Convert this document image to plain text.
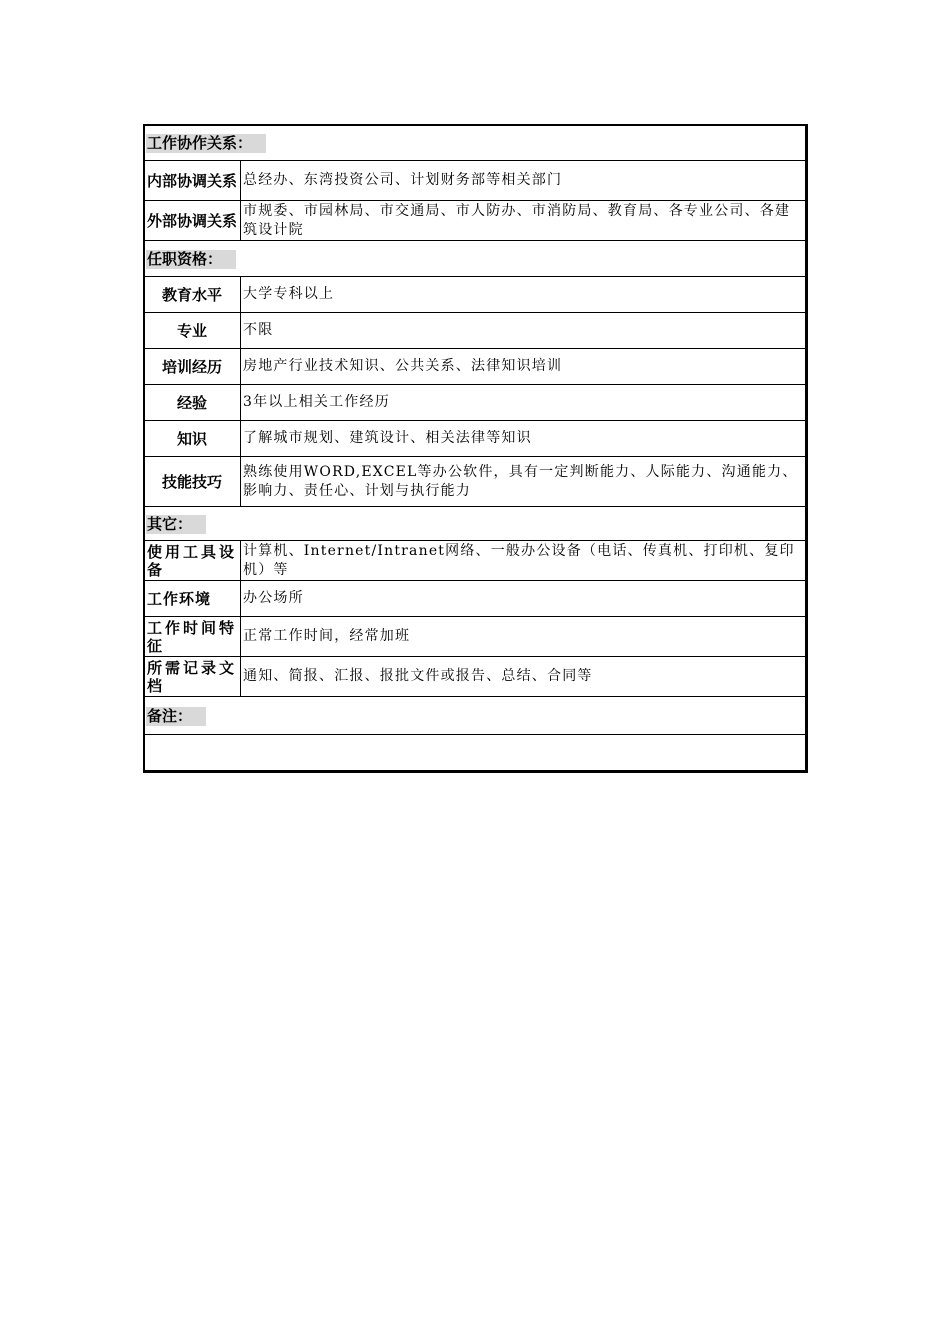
工作协作关系：	
内部协调关系	总经办、东湾投资公司、计划财务部等相关部门
外部协调关系	市规委、市园林局、市交通局、市人防办、市消防局、教育局、各专业公司、各建筑设计院
任职资格：	
教育水平	大学专科以上
专业	不限
培训经历	房地产行业技术知识、公共关系、法律知识培训
经验	3年以上相关工作经历
知识	了解城市规划、建筑设计、相关法律等知识
技能技巧	熟练使用WORD,EXCEL等办公软件，具有一定判断能力、人际能力、沟通能力、影响力、责任心、计划与执行能力
其它：	
使用工具设备	计算机、Internet/Intranet网络、一般办公设备（电话、传真机、打印机、复印机）等
工作环境	办公场所
工作时间特征	正常工作时间，经常加班
所需记录文档	通知、简报、汇报、报批文件或报告、总结、合同等
备注：	
